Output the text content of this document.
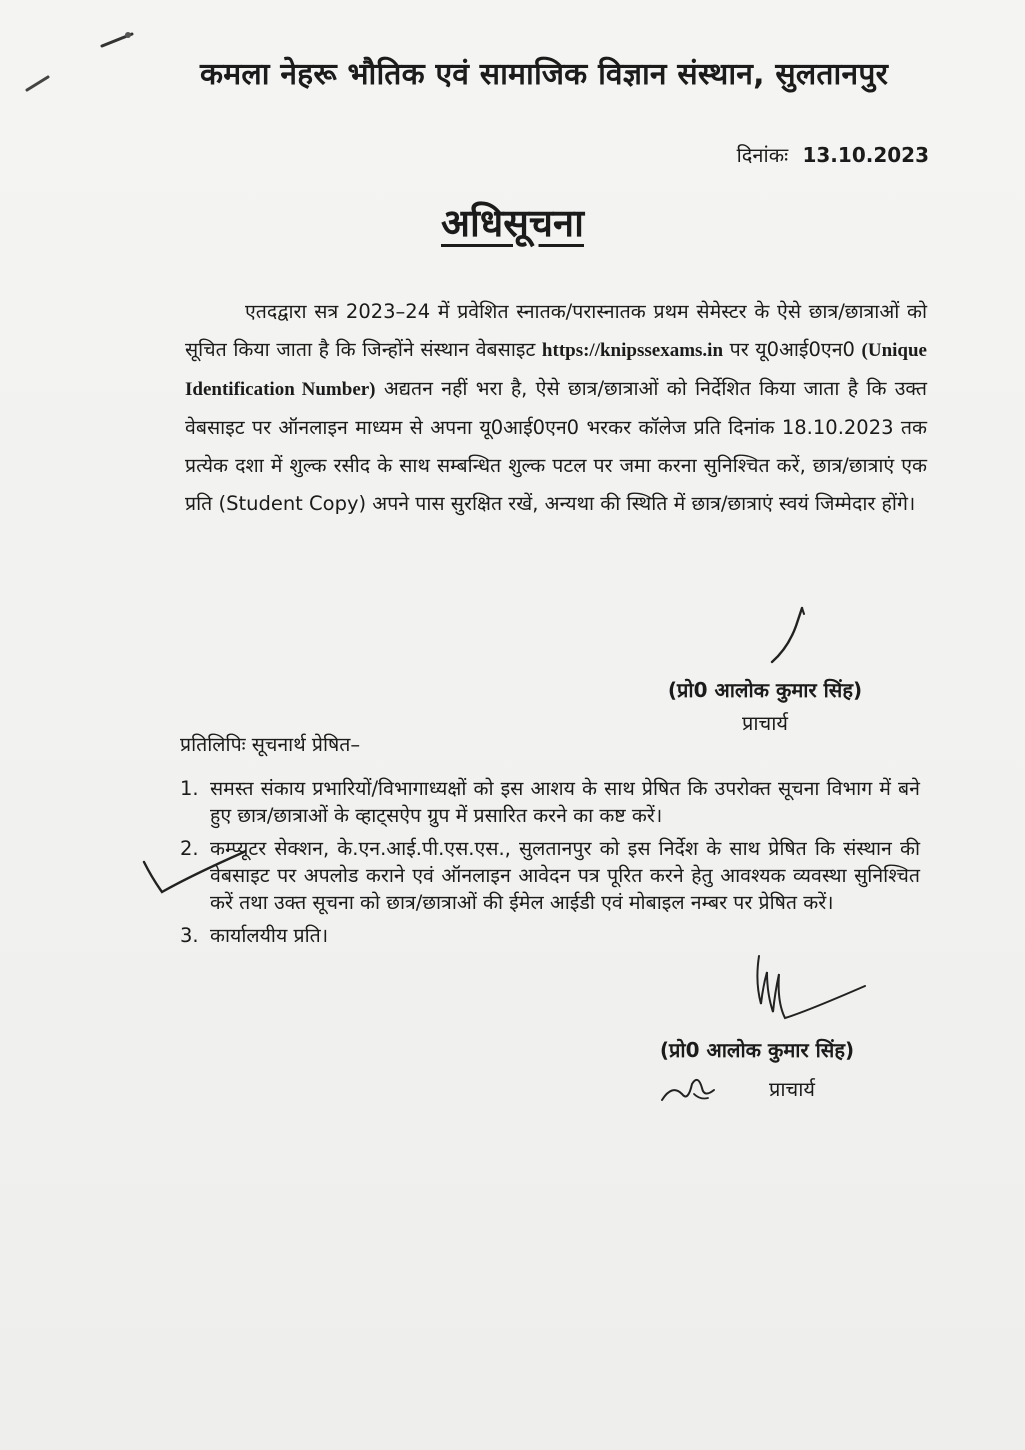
कमला नेहरू भौतिक एवं सामाजिक विज्ञान संस्थान, सुलतानपुर
दिनांकः 13.10.2023
अधिसूचना
एतदद्वारा सत्र 2023–24 में प्रवेशित स्नातक/परास्नातक प्रथम सेमेस्टर के ऐसे छात्र/छात्राओं को सूचित किया जाता है कि जिन्होंने संस्थान वेबसाइट https://knipssexams.in पर यू0आई0एन0 (Unique Identification Number) अद्यतन नहीं भरा है, ऐसे छात्र/छात्राओं को निर्देशित किया जाता है कि उक्त वेबसाइट पर ऑनलाइन माध्यम से अपना यू0आई0एन0 भरकर कॉलेज प्रति दिनांक 18.10.2023 तक प्रत्येक दशा में शुल्क रसीद के साथ सम्बन्धित शुल्क पटल पर जमा करना सुनिश्चित करें, छात्र/छात्राएं एक प्रति (Student Copy) अपने पास सुरक्षित रखें, अन्यथा की स्थिति में छात्र/छात्राएं स्वयं जिम्मेदार होंगे।
(प्रो0 आलोक कुमार सिंह)
प्राचार्य
प्रतिलिपिः सूचनार्थ प्रेषित–
1. समस्त संकाय प्रभारियों/विभागाध्यक्षों को इस आशय के साथ प्रेषित कि उपरोक्त सूचना विभाग में बने हुए छात्र/छात्राओं के व्हाट्सऐप ग्रुप में प्रसारित करने का कष्ट करें।
2. कम्प्यूटर सेक्शन, के.एन.आई.पी.एस.एस., सुलतानपुर को इस निर्देश के साथ प्रेषित कि संस्थान की वेबसाइट पर अपलोड कराने एवं ऑनलाइन आवेदन पत्र पूरित करने हेतु आवश्यक व्यवस्था सुनिश्चित करें तथा उक्त सूचना को छात्र/छात्राओं की ईमेल आईडी एवं मोबाइल नम्बर पर प्रेषित करें।
3. कार्यालयीय प्रति।
(प्रो0 आलोक कुमार सिंह)
प्राचार्य
